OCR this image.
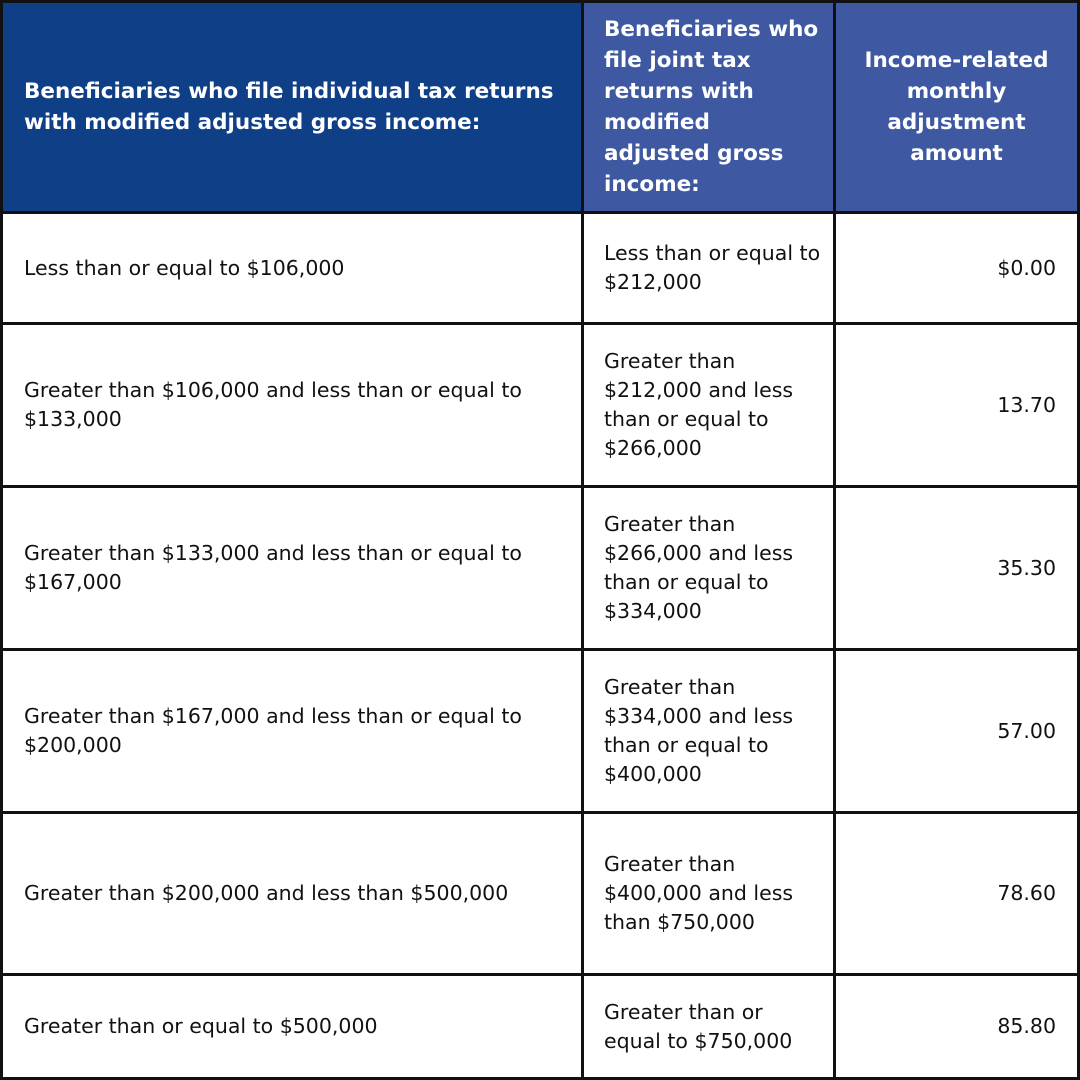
Beneficiaries who file individual tax returns with modified adjusted gross income:
Beneficiaries who file joint tax returns with modified adjusted gross income:
Income-related monthly adjustment amount
Less than or equal to $106,000
Less than or equal to $212,000
$0.00
Greater than $106,000 and less than or equal to $133,000
Greater than $212,000 and less than or equal to $266,000
13.70
Greater than $133,000 and less than or equal to $167,000
Greater than $266,000 and less than or equal to $334,000
35.30
Greater than $167,000 and less than or equal to $200,000
Greater than $334,000 and less than or equal to $400,000
57.00
Greater than $200,000 and less than $500,000
Greater than $400,000 and less than $750,000
78.60
Greater than or equal to $500,000
Greater than or equal to $750,000
85.80
